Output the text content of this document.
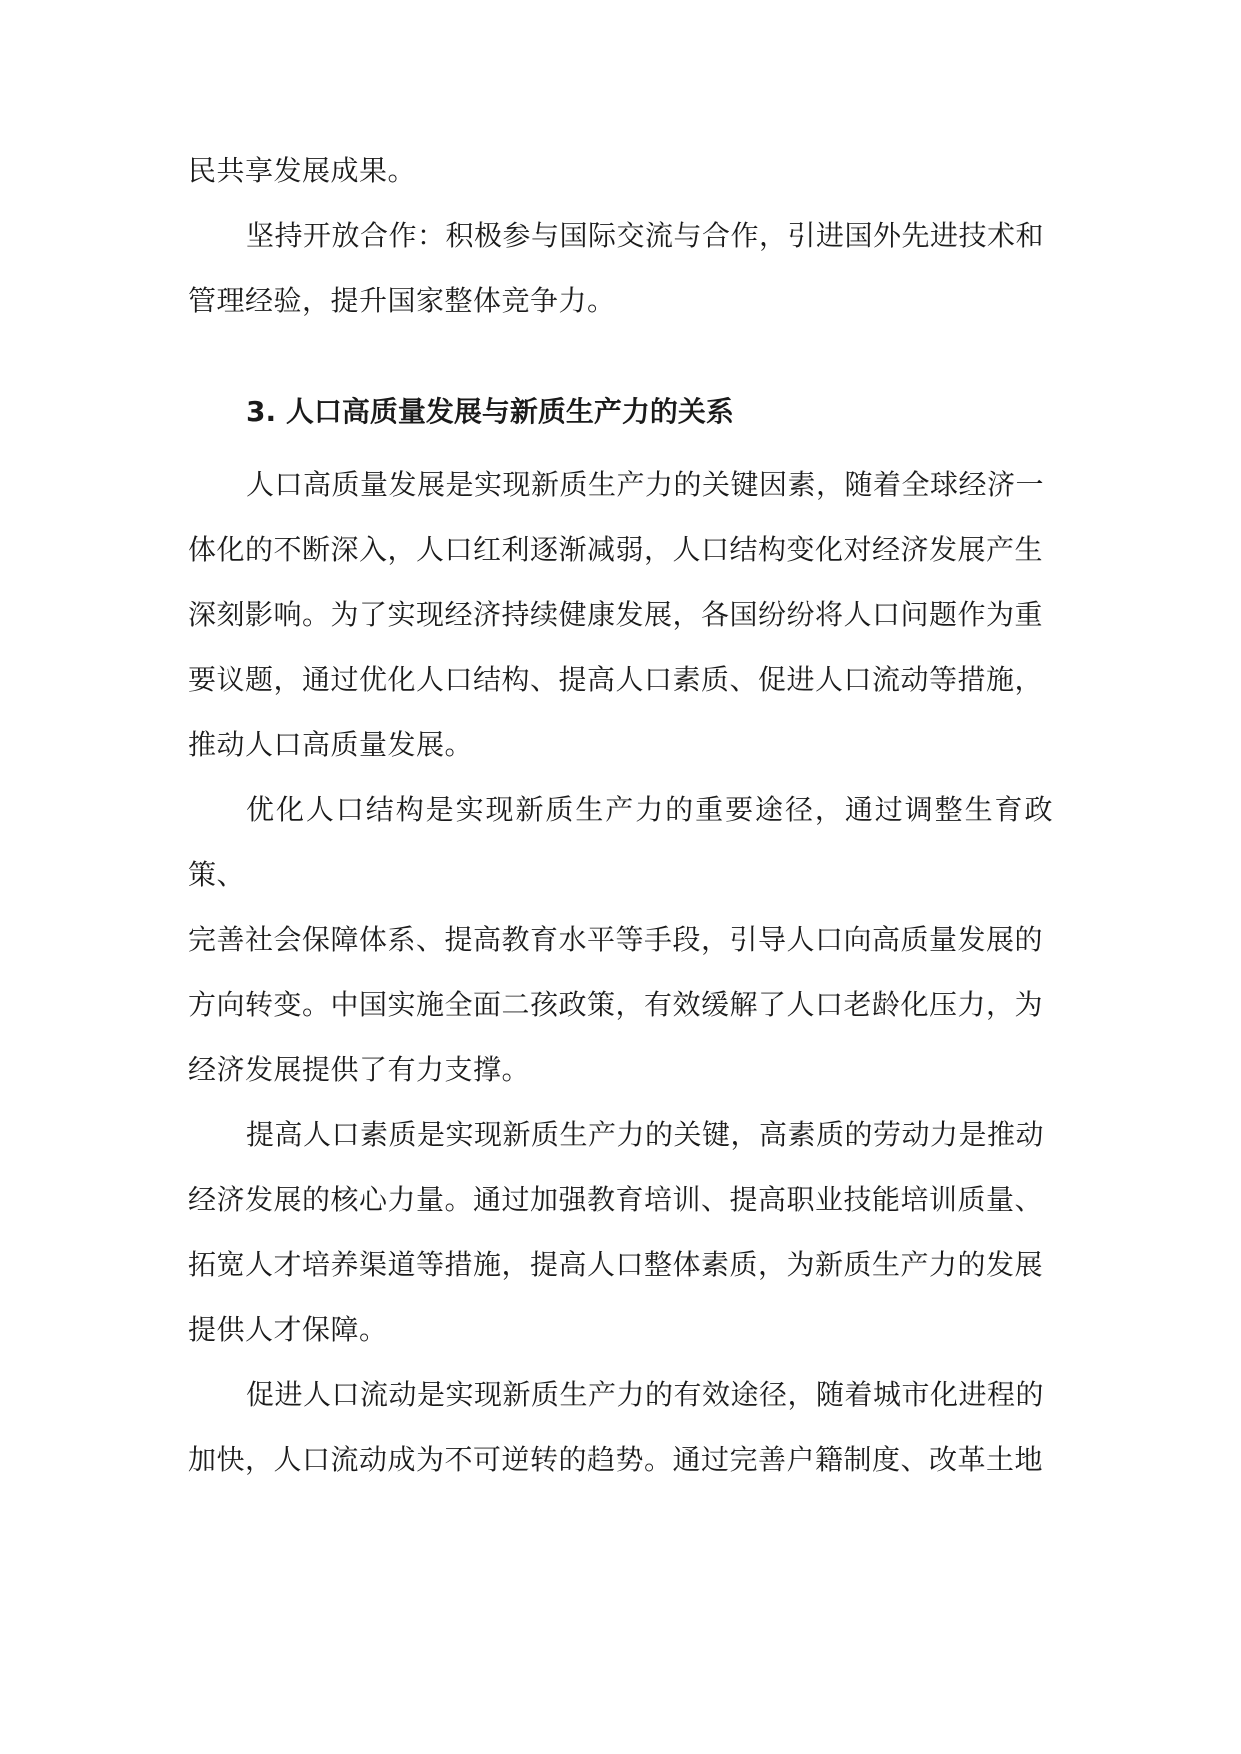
民共享发展成果。

坚持开放合作：积极参与国际交流与合作，引进国外先进技术和
管理经验，提升国家整体竞争力。

3. 人口高质量发展与新质生产力的关系

人口高质量发展是实现新质生产力的关键因素，随着全球经济一
体化的不断深入，人口红利逐渐减弱，人口结构变化对经济发展产生
深刻影响。为了实现经济持续健康发展，各国纷纷将人口问题作为重
要议题，通过优化人口结构、提高人口素质、促进人口流动等措施，
推动人口高质量发展。

优化人口结构是实现新质生产力的重要途径，通过调整生育政策、
完善社会保障体系、提高教育水平等手段，引导人口向高质量发展的
方向转变。中国实施全面二孩政策，有效缓解了人口老龄化压力，为
经济发展提供了有力支撑。

提高人口素质是实现新质生产力的关键，高素质的劳动力是推动
经济发展的核心力量。通过加强教育培训、提高职业技能培训质量、
拓宽人才培养渠道等措施，提高人口整体素质，为新质生产力的发展
提供人才保障。

促进人口流动是实现新质生产力的有效途径，随着城市化进程的
加快，人口流动成为不可逆转的趋势。通过完善户籍制度、改革土地
